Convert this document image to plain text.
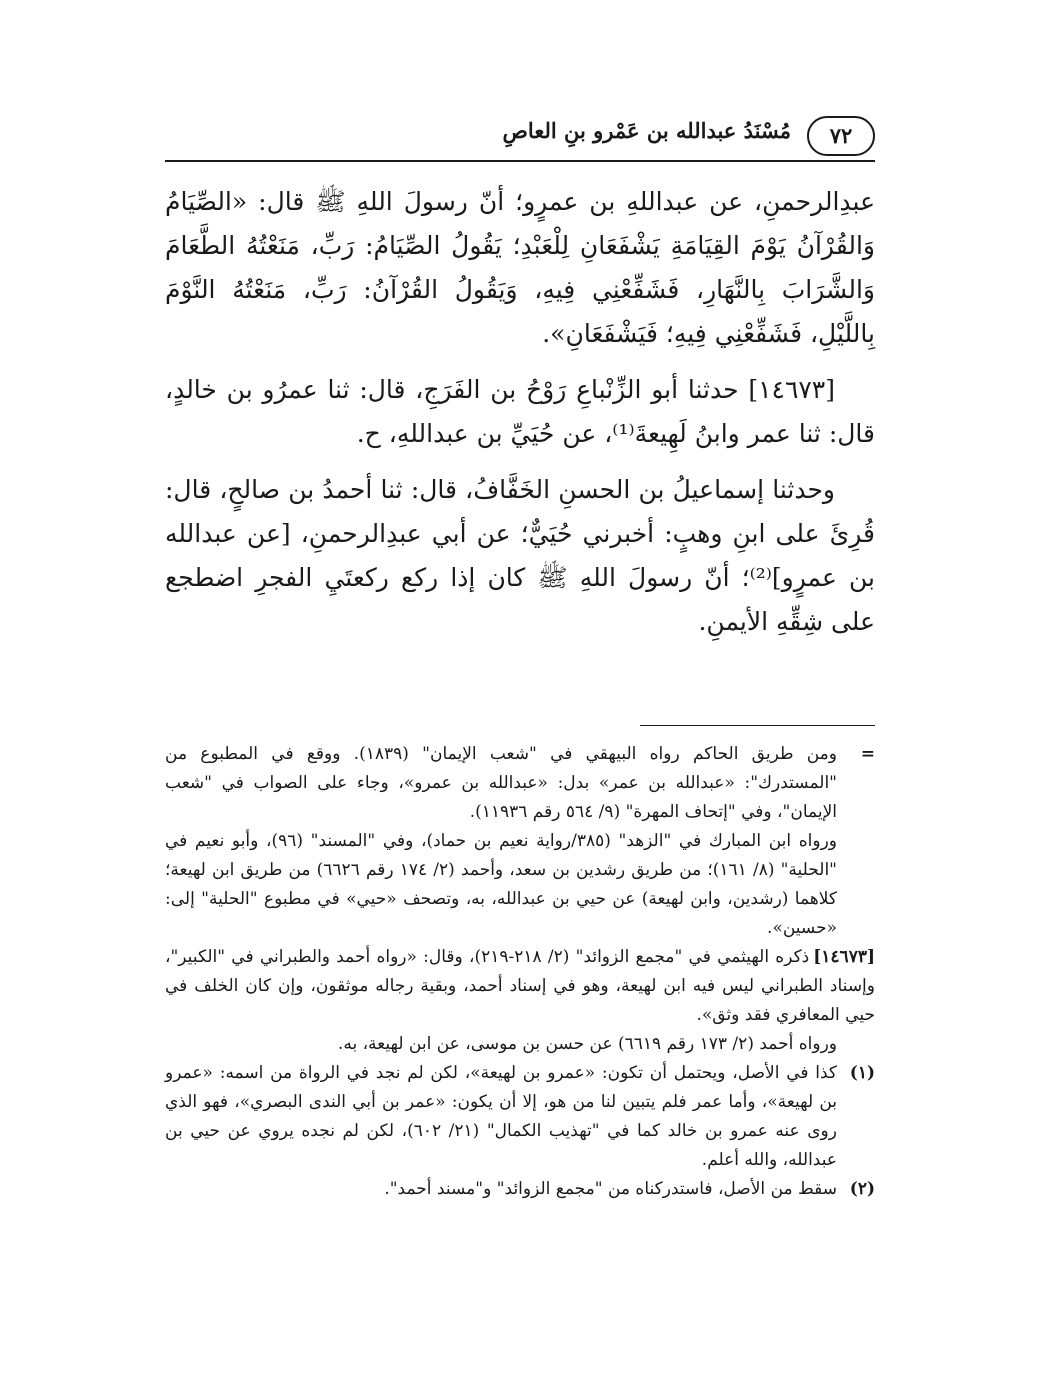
٧٢
مُسْنَدُ عبدالله بن عَمْرو بنِ العاصِ

عبدِالرحمنِ، عن عبداللهِ بن عمرٍو؛ أنّ رسولَ اللهِ ﷺ قال: «الصِّيَامُ وَالقُرْآنُ يَوْمَ القِيَامَةِ يَشْفَعَانِ لِلْعَبْدِ؛ يَقُولُ الصِّيَامُ: رَبِّ، مَنَعْتُهُ الطَّعَامَ وَالشَّرَابَ بِالنَّهَارِ، فَشَفِّعْنِي فِيهِ، وَيَقُولُ القُرْآنُ: رَبِّ، مَنَعْتُهُ النَّوْمَ بِاللَّيْلِ، فَشَفِّعْنِي فِيهِ؛ فَيَشْفَعَانِ».

[١٤٦٧٣] حدثنا أبو الزِّنْباعِ رَوْحُ بن الفَرَجِ، قال: ثنا عمرُو بن خالدٍ، قال: ثنا عمر وابنُ لَهِيعةَ⁽¹⁾، عن حُيَيِّ بن عبداللهِ، ح.

وحدثنا إسماعيلُ بن الحسنِ الخَفَّافُ، قال: ثنا أحمدُ بن صالحٍ، قال: قُرِئَ على ابنِ وهبٍ: أخبرني حُيَيٌّ؛ عن أبي عبدِالرحمنِ، [عن عبدالله بن عمرٍو]⁽²⁾؛ أنّ رسولَ اللهِ ﷺ كان إذا ركع ركعتَيِ الفجرِ اضطجع على شِقِّهِ الأيمنِ.

=
ومن طريق الحاكم رواه البيهقي في "شعب الإيمان" (١٨٣٩). ووقع في المطبوع من "المستدرك": «عبدالله بن عمر» بدل: «عبدالله بن عمرو»، وجاء على الصواب في "شعب الإيمان"، وفي "إتحاف المهرة" (٩/ ٥٦٤ رقم ١١٩٣٦).
ورواه ابن المبارك في "الزهد" (٣٨٥/رواية نعيم بن حماد)، وفي "المسند" (٩٦)، وأبو نعيم في "الحلية" (٨/ ١٦١)؛ من طريق رشدين بن سعد، وأحمد (٢/ ١٧٤ رقم ٦٦٢٦) من طريق ابن لهيعة؛ كلاهما (رشدين، وابن لهيعة) عن حيي بن عبدالله، به، وتصحف «حيي» في مطبوع "الحلية" إلى: «حسين».
[١٤٦٧٣]ذكره الهيثمي في "مجمع الزوائد" (٢/ ٢١٨-٢١٩)، وقال: «رواه أحمد والطبراني في "الكبير"، وإسناد الطبراني ليس فيه ابن لهيعة، وهو في إسناد أحمد، وبقية رجاله موثقون، وإن كان الخلف في حيي المعافري فقد وثق».
ورواه أحمد (٢/ ١٧٣ رقم ٦٦١٩) عن حسن بن موسى، عن ابن لهيعة، به.
(١)
كذا في الأصل، ويحتمل أن تكون: «عمرو بن لهيعة»، لكن لم نجد في الرواة من اسمه: «عمرو بن لهيعة»، وأما عمر فلم يتبين لنا من هو، إلا أن يكون: «عمر بن أبي الندى البصري»، فهو الذي روى عنه عمرو بن خالد كما في "تهذيب الكمال" (٢١/ ٦٠٢)، لكن لم نجده يروي عن حيي بن عبدالله، والله أعلم.
(٢)
سقط من الأصل، فاستدركناه من "مجمع الزوائد" و"مسند أحمد".
